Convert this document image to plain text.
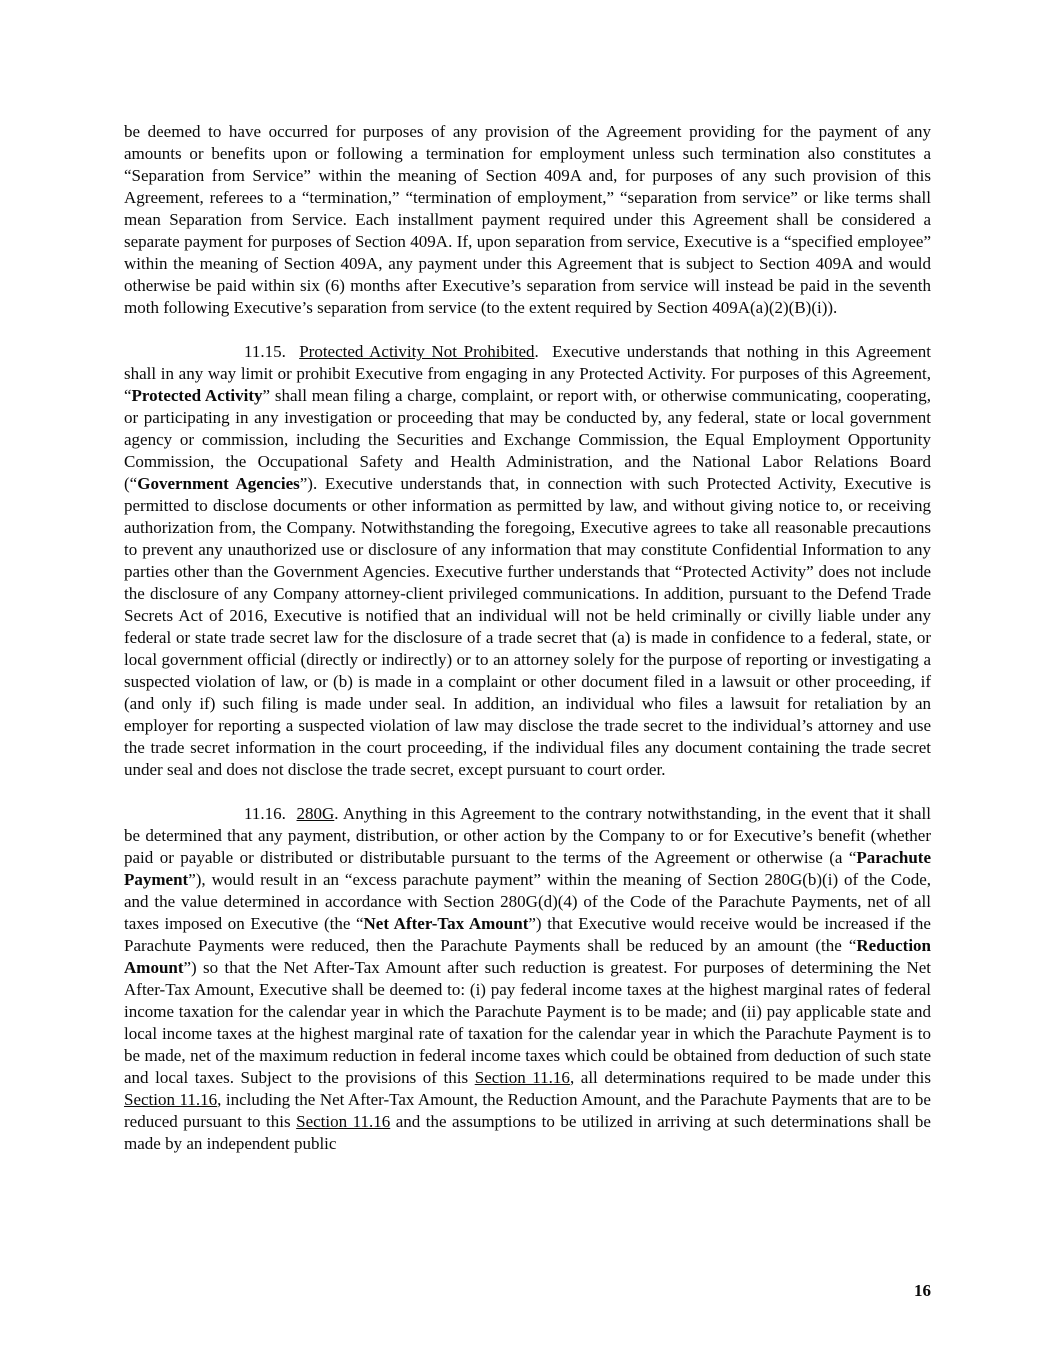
be deemed to have occurred for purposes of any provision of the Agreement providing for the payment of any amounts or benefits upon or following a termination for employment unless such termination also constitutes a “Separation from Service” within the meaning of Section 409A and, for purposes of any such provision of this Agreement, referees to a “termination,” “termination of employment,” “separation from service” or like terms shall mean Separation from Service. Each installment payment required under this Agreement shall be considered a separate payment for purposes of Section 409A. If, upon separation from service, Executive is a “specified employee” within the meaning of Section 409A, any payment under this Agreement that is subject to Section 409A and would otherwise be paid within six (6) months after Executive’s separation from service will instead be paid in the seventh moth following Executive’s separation from service (to the extent required by Section 409A(a)(2)(B)(i)).

11.15.  Protected Activity Not Prohibited.  Executive understands that nothing in this Agreement shall in any way limit or prohibit Executive from engaging in any Protected Activity. For purposes of this Agreement, “Protected Activity” shall mean filing a charge, complaint, or report with, or otherwise communicating, cooperating, or participating in any investigation or proceeding that may be conducted by, any federal, state or local government agency or commission, including the Securities and Exchange Commission, the Equal Employment Opportunity Commission, the Occupational Safety and Health Administration, and the National Labor Relations Board (“Government Agencies”). Executive understands that, in connection with such Protected Activity, Executive is permitted to disclose documents or other information as permitted by law, and without giving notice to, or receiving authorization from, the Company. Notwithstanding the foregoing, Executive agrees to take all reasonable precautions to prevent any unauthorized use or disclosure of any information that may constitute Confidential Information to any parties other than the Government Agencies. Executive further understands that “Protected Activity” does not include the disclosure of any Company attorney-client privileged communications. In addition, pursuant to the Defend Trade Secrets Act of 2016, Executive is notified that an individual will not be held criminally or civilly liable under any federal or state trade secret law for the disclosure of a trade secret that (a) is made in confidence to a federal, state, or local government official (directly or indirectly) or to an attorney solely for the purpose of reporting or investigating a suspected violation of law, or (b) is made in a complaint or other document filed in a lawsuit or other proceeding, if (and only if) such filing is made under seal. In addition, an individual who files a lawsuit for retaliation by an employer for reporting a suspected violation of law may disclose the trade secret to the individual’s attorney and use the trade secret information in the court proceeding, if the individual files any document containing the trade secret under seal and does not disclose the trade secret, except pursuant to court order.

11.16.  280G. Anything in this Agreement to the contrary notwithstanding, in the event that it shall be determined that any payment, distribution, or other action by the Company to or for Executive’s benefit (whether paid or payable or distributed or distributable pursuant to the terms of the Agreement or otherwise (a “Parachute Payment”), would result in an “excess parachute payment” within the meaning of Section 280G(b)(i) of the Code, and the value determined in accordance with Section 280G(d)(4) of the Code of the Parachute Payments, net of all taxes imposed on Executive (the “Net After-Tax Amount”) that Executive would receive would be increased if the Parachute Payments were reduced, then the Parachute Payments shall be reduced by an amount (the “Reduction Amount”) so that the Net After-Tax Amount after such reduction is greatest. For purposes of determining the Net After-Tax Amount, Executive shall be deemed to: (i) pay federal income taxes at the highest marginal rates of federal income taxation for the calendar year in which the Parachute Payment is to be made; and (ii) pay applicable state and local income taxes at the highest marginal rate of taxation for the calendar year in which the Parachute Payment is to be made, net of the maximum reduction in federal income taxes which could be obtained from deduction of such state and local taxes. Subject to the provisions of this Section 11.16, all determinations required to be made under this Section 11.16, including the Net After-Tax Amount, the Reduction Amount, and the Parachute Payments that are to be reduced pursuant to this Section 11.16 and the assumptions to be utilized in arriving at such determinations shall be made by an independent public

16
